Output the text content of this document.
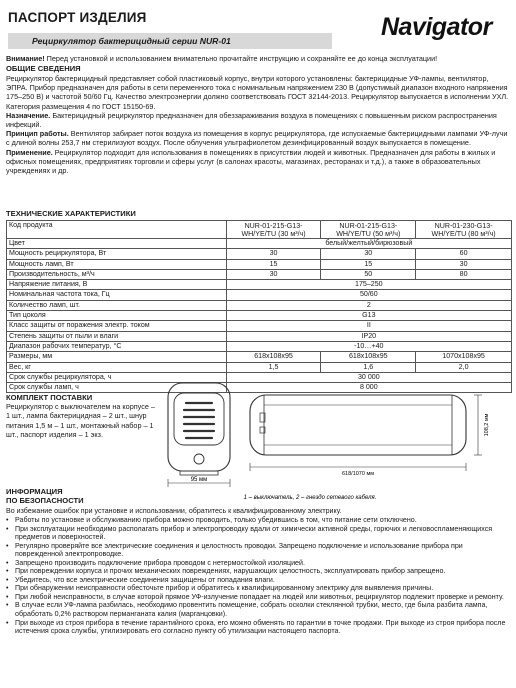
ПАСПОРТ ИЗДЕЛИЯ
Рециркулятор бактерицидный серии NUR-01	Navigator
Внимание! Перед установкой и использованием внимательно прочитайте инструкцию и сохраняйте ее до конца эксплуатации!
ОБЩИЕ СВЕДЕНИЯ
Рециркулятор бактерицидный представляет собой пластиковый корпус, внутри которого установлены: бактерицидные УФ-лампы, вентилятор, ЭПРА. Прибор предназначен для работы в сети переменного тока с номинальным напряжением 230 В (допустимый диапазон входного напряжения 175–250 В) и частотой 50/60 Гц. Качество электроэнергии должно соответствовать ГОСТ 32144-2013. Рециркулятор выпускается в исполнении УХЛ. Категория размещения 4 по ГОСТ 15150-69.
Назначение. Бактерицидный рециркулятор предназначен для обеззараживания воздуха в помещениях с повышенным риском распространения инфекций.
Принцип работы. Вентилятор забирает поток воздуха из помещения в корпус рециркулятора, где испускаемые бактерицидными лампами УФ-лучи с длиной волны 253,7 нм стерилизуют воздух. После облучения ультрафиолетом дезинфицированный воздух выпускается в помещение.
Применение. Рециркулятор подходит для использования в помещениях в присутствии людей и животных. Предназначен для работы в жилых и офисных помещениях, предприятиях торговли и сферы услуг (в салонах красоты, магазинах, ресторанах и т.д.), а также в образовательных учреждениях и др.
ТЕХНИЧЕСКИЕ ХАРАКТЕРИСТИКИ
Код продукта	NUR-01-215-G13-WH/YE/TU (30 м³/ч)	NUR-01-215-G13-WH/YE/TU (50 м³/ч)	NUR-01-230-G13-WH/YE/TU (80 м³/ч)
Цвет	белый/желтый/бирюзовый		
Мощность рециркулятора, Вт	30	30	60
Мощность ламп, Вт	15	15	30
Производительность, м³/ч	30	50	80
Напряжение питания, В	175–250		
Номинальная частота тока, Гц	50/60		
Количество ламп, шт.	2		
Тип цоколя	G13		
Класс защиты от поражения электр. током	II		
Степень защиты от пыли и влаги	IP20		
Диапазон рабочих температур, °С	-10…+40		
Размеры, мм	618x108x95	618x108x95	1070x108x95
Вес, кг	1,5	1,6	2,0
Срок службы рециркулятора, ч	30 000		
Срок службы ламп, ч	8 000		
КОМПЛЕКТ ПОСТАВКИ
Рециркулятор с выключателем на корпусе – 1 шт., лампа бактерицидная – 2 шт., шнур питания 1,5 м – 1 шт., монтажный набор – 1 шт., паспорт изделия – 1 экз.
95 мм
618/1070 мм
108,2 мм
1 – выключатель, 2 – гнездо сетевого кабеля.
ИНФОРМАЦИЯ
ПО БЕЗОПАСНОСТИ
Во избежание ошибок при установке и использовании, обратитесь к квалифицированному электрику.
• Работы по установке и обслуживанию прибора можно проводить, только убедившись в том, что питание сети отключено.
• При эксплуатации необходимо располагать прибор и электропроводку вдали от химически активной среды, горючих и легковоспламеняющихся предметов и поверхностей.
• Регулярно проверяйте все электрические соединения и целостность проводки. Запрещено подключение и использование прибора при поврежденной электропроводке.
• Запрещено производить подключение прибора проводом с нетермостойкой изоляцией.
• При повреждении корпуса и прочих механических повреждениях, нарушающих целостность, эксплуатировать прибор запрещено.
• Убедитесь, что все электрические соединения защищены от попадания влаги.
• При обнаружении неисправности обесточьте прибор и обратитесь к квалифицированному электрику для выявления причины.
• При любой неисправности, в случае которой прямое УФ-излучение попадает на людей или животных, рециркулятор подлежит проверке и ремонту.
• В случае если УФ-лампа разбилась, необходимо провентить помещение, собрать осколки стеклянной трубки, место, где была разбита лампа, обработать 0,2% раствором перманганата калия (марганцовки).
• При выходе из строя прибора в течение гарантийного срока, его можно обменять по гарантии в точке продажи. При выходе из строя прибора после истечения срока службы, утилизировать его согласно пункту об утилизации настоящего паспорта.
